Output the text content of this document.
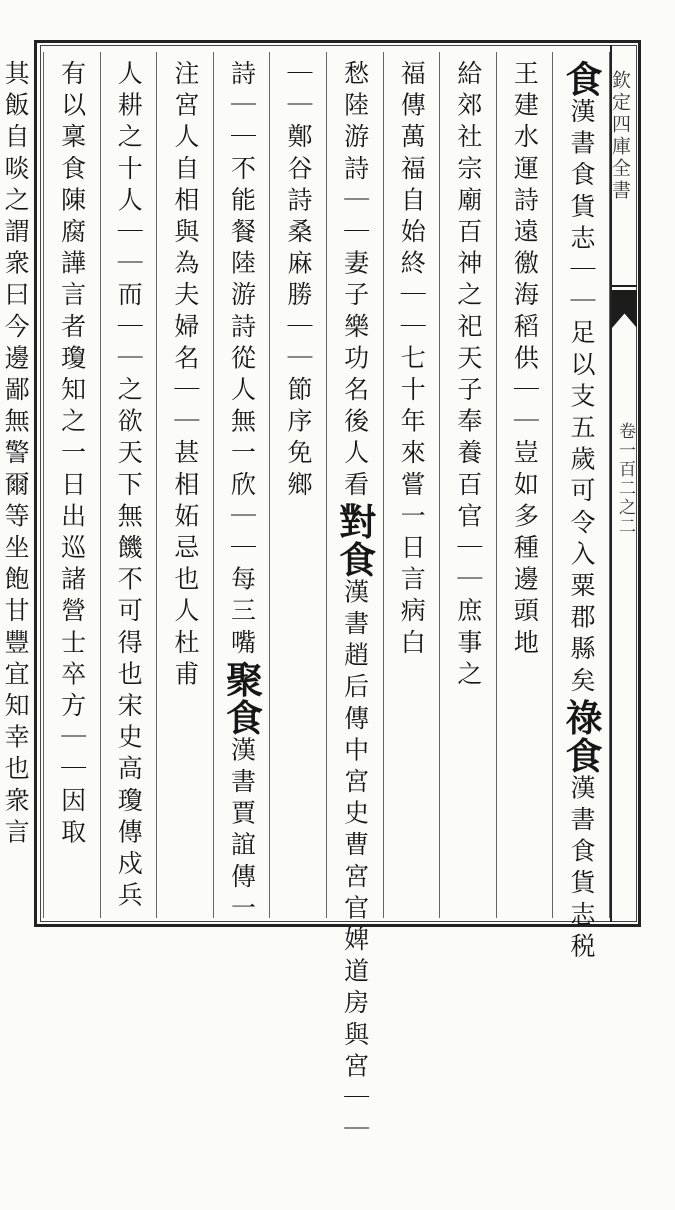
欽定四庫全書
卷一百二之二
食漢書食貨志｜｜足以支五歲可令入粟郡縣矣祿食漢書食貨志税
王建水運詩遠徼海稻供｜｜豈如多種邊頭地
給郊社宗廟百神之祀天子奉養百官｜｜庶事之
福傳萬福自始終｜｜七十年來嘗一日言病白
愁陸游詩｜｜妻子樂功名後人看對食漢書趙后傳中宮史曹宮官婢道房與宮｜｜
｜｜鄭谷詩桑麻勝｜｜節序免鄉
詩｜｜不能餐陸游詩從人無一欣｜｜每三嘴聚食漢書賈誼傳一
注宮人自相與為夫婦名｜｜甚相妬忌也人杜甫
人耕之十人｜｜而｜｜之欲天下無饑不可得也宋史高瓊傳戍兵
有以稟食陳腐譁言者瓊知之一日出巡諸營士卒方｜｜因取
其飯自啖之謂衆曰今邊鄙無警爾等坐飽甘豐宜知幸也衆言
